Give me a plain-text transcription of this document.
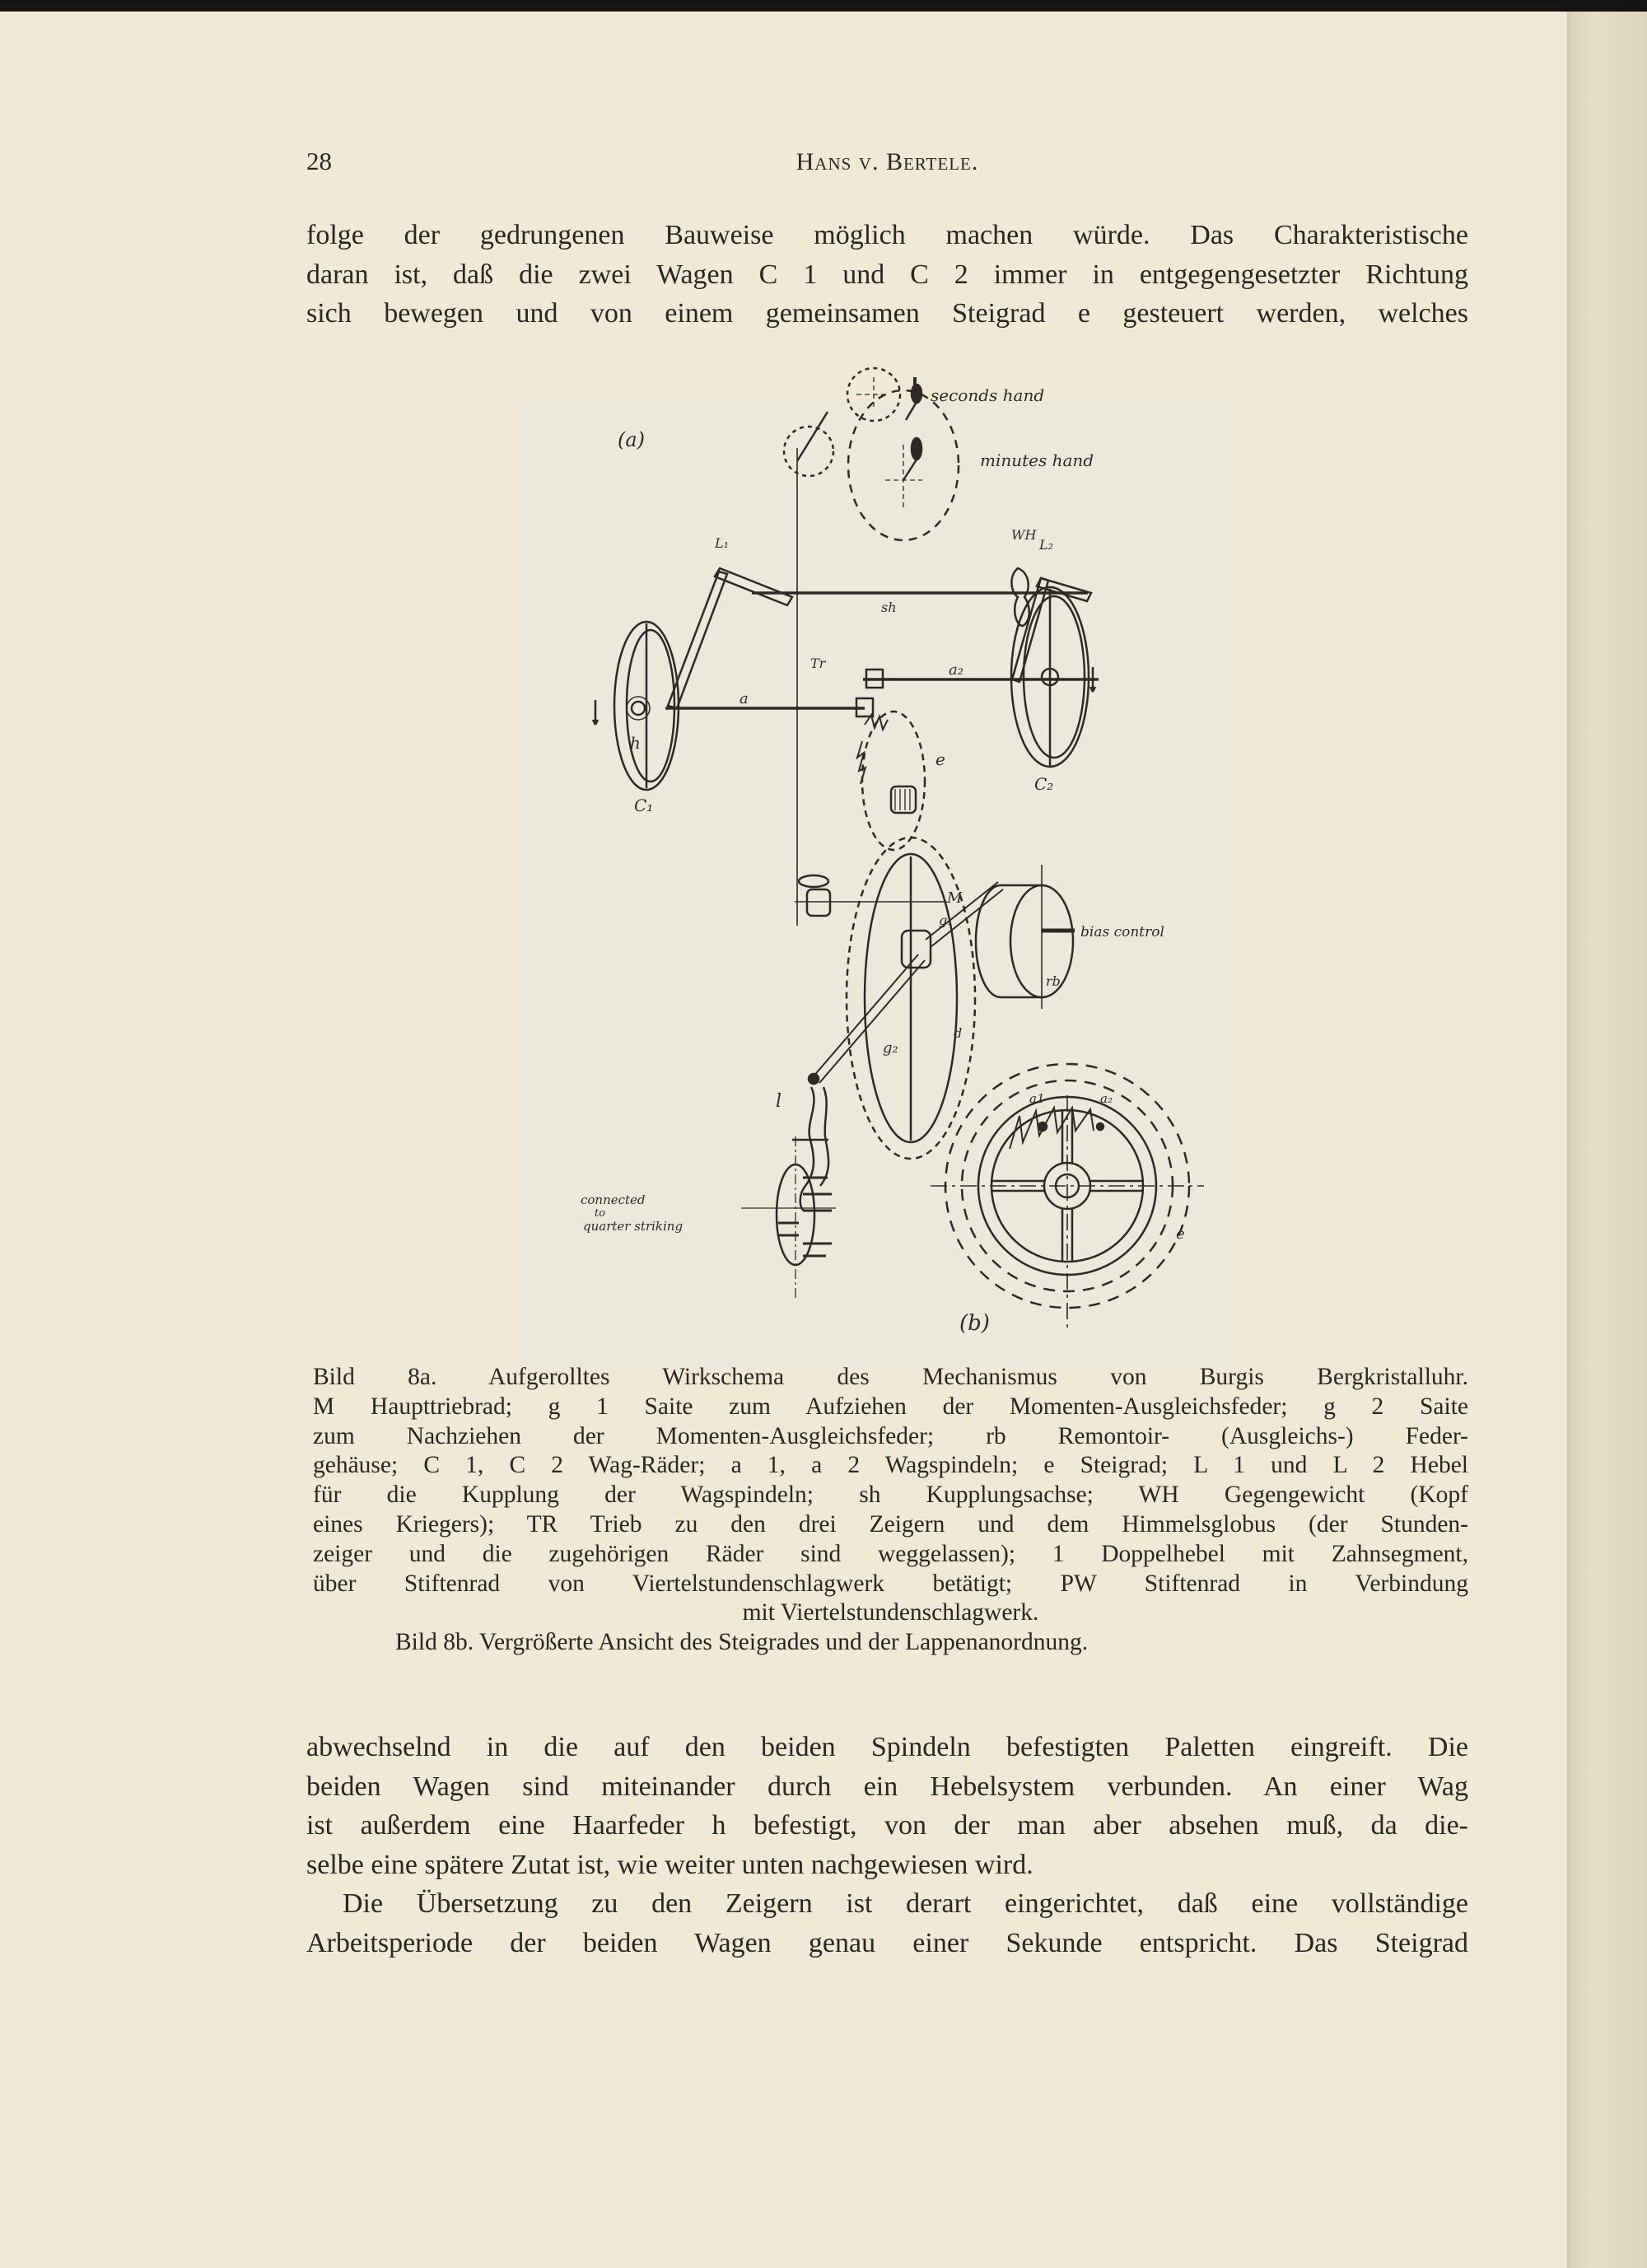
28	Hans v. Bertele.
folge der gedrungenen Bauweise möglich machen würde. Das Charakteristische
daran ist, daß die zwei Wagen C 1 und C 2 immer in entgegengesetzter Richtung
sich bewegen und von einem gemeinsamen Steigrad e gesteuert werden, welches
(a)
seconds hand
minutes hand
L₁	L₂
WH
sh
Tr
a
a₂
C₁
C₂
h
e
M
g₁
g₂
d
rb
bias control
l
connected
to
quarter striking
a1	a₂
e
(b)
Bild 8a. Aufgerolltes Wirkschema des Mechanismus von Burgis Bergkristalluhr.
M Haupttriebrad; g 1 Saite zum Aufziehen der Momenten-Ausgleichsfeder; g 2 Saite
zum Nachziehen der Momenten-Ausgleichsfeder; rb Remontoir- (Ausgleichs-) Feder-
gehäuse; C 1, C 2 Wag-Räder; a 1, a 2 Wagspindeln; e Steigrad; L 1 und L 2 Hebel
für die Kupplung der Wagspindeln; sh Kupplungsachse; WH Gegengewicht (Kopf
eines Kriegers); TR Trieb zu den drei Zeigern und dem Himmelsglobus (der Stunden-
zeiger und die zugehörigen Räder sind weggelassen); 1 Doppelhebel mit Zahnsegment,
über Stiftenrad von Viertelstundenschlagwerk betätigt; PW Stiftenrad in Verbindung
mit Viertelstundenschlagwerk.
Bild 8b. Vergrößerte Ansicht des Steigrades und der Lappenanordnung.
abwechselnd in die auf den beiden Spindeln befestigten Paletten eingreift. Die
beiden Wagen sind miteinander durch ein Hebelsystem verbunden. An einer Wag
ist außerdem eine Haarfeder h befestigt, von der man aber absehen muß, da die-
selbe eine spätere Zutat ist, wie weiter unten nachgewiesen wird.
Die Übersetzung zu den Zeigern ist derart eingerichtet, daß eine vollständige
Arbeitsperiode der beiden Wagen genau einer Sekunde entspricht. Das Steigrad
